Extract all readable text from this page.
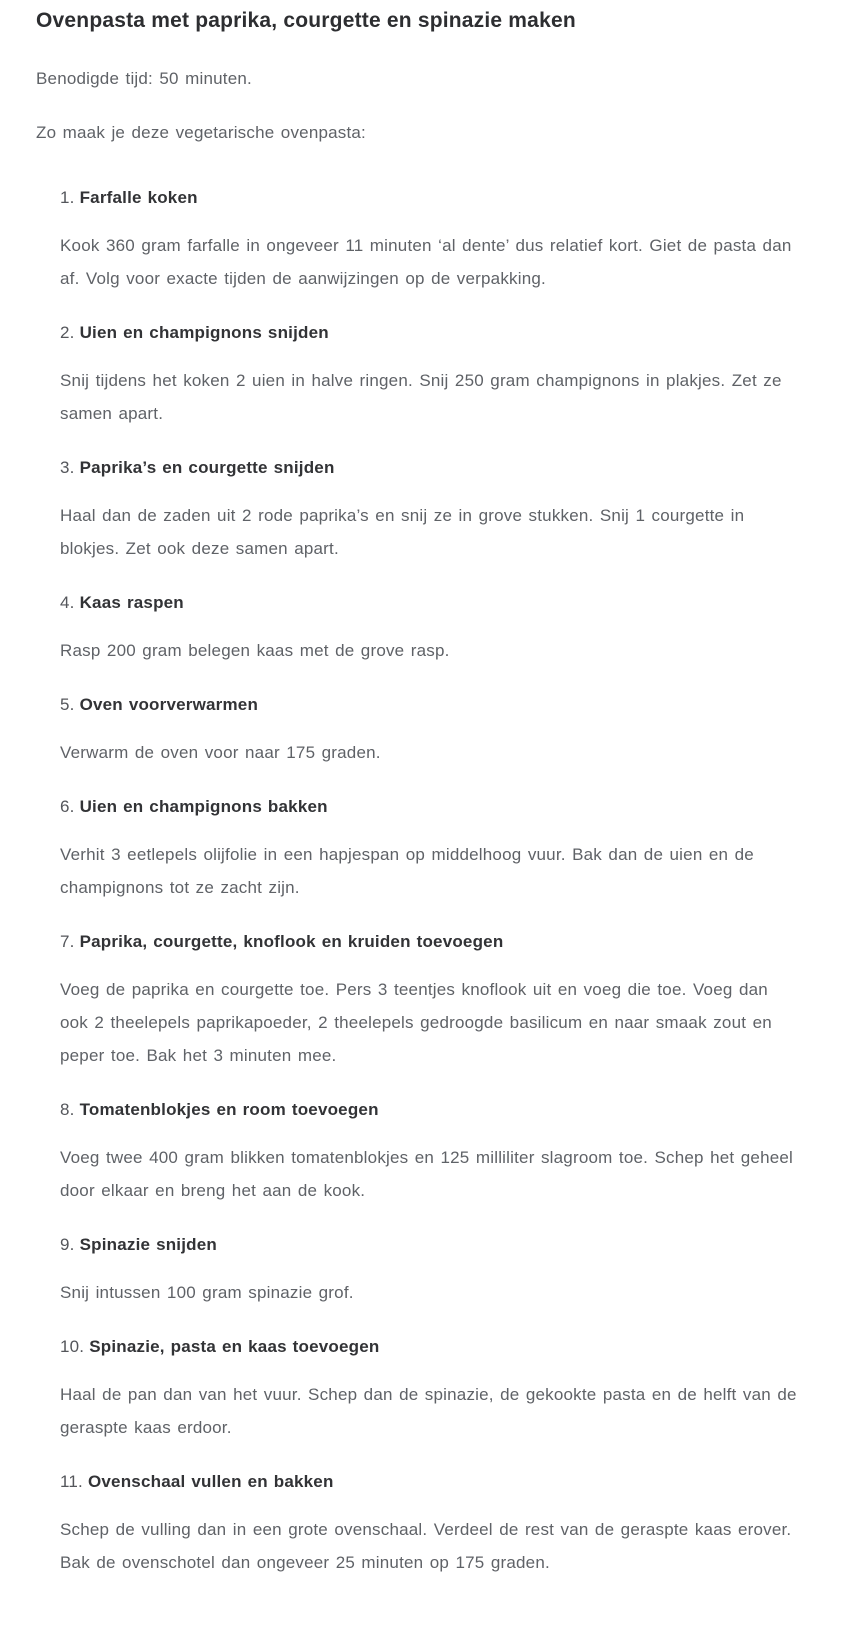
Ovenpasta met paprika, courgette en spinazie maken

Benodigde tijd: 50 minuten.

Zo maak je deze vegetarische ovenpasta:

1. Farfalle koken

Kook 360 gram farfalle in ongeveer 11 minuten ‘al dente’ dus relatief kort. Giet de pasta dan af. Volg voor exacte tijden de aanwijzingen op de verpakking.

2. Uien en champignons snijden

Snij tijdens het koken 2 uien in halve ringen. Snij 250 gram champignons in plakjes. Zet ze samen apart.

3. Paprika’s en courgette snijden

Haal dan de zaden uit 2 rode paprika’s en snij ze in grove stukken. Snij 1 courgette in blokjes. Zet ook deze samen apart.

4. Kaas raspen

Rasp 200 gram belegen kaas met de grove rasp.

5. Oven voorverwarmen

Verwarm de oven voor naar 175 graden.

6. Uien en champignons bakken

Verhit 3 eetlepels olijfolie in een hapjespan op middelhoog vuur. Bak dan de uien en de champignons tot ze zacht zijn.

7. Paprika, courgette, knoflook en kruiden toevoegen

Voeg de paprika en courgette toe. Pers 3 teentjes knoflook uit en voeg die toe. Voeg dan ook 2 theelepels paprikapoeder, 2 theelepels gedroogde basilicum en naar smaak zout en peper toe. Bak het 3 minuten mee.

8. Tomatenblokjes en room toevoegen

Voeg twee 400 gram blikken tomatenblokjes en 125 milliliter slagroom toe. Schep het geheel door elkaar en breng het aan de kook.

9. Spinazie snijden

Snij intussen 100 gram spinazie grof.

10. Spinazie, pasta en kaas toevoegen

Haal de pan dan van het vuur. Schep dan de spinazie, de gekookte pasta en de helft van de geraspte kaas erdoor.

11. Ovenschaal vullen en bakken

Schep de vulling dan in een grote ovenschaal. Verdeel de rest van de geraspte kaas erover. Bak de ovenschotel dan ongeveer 25 minuten op 175 graden.
